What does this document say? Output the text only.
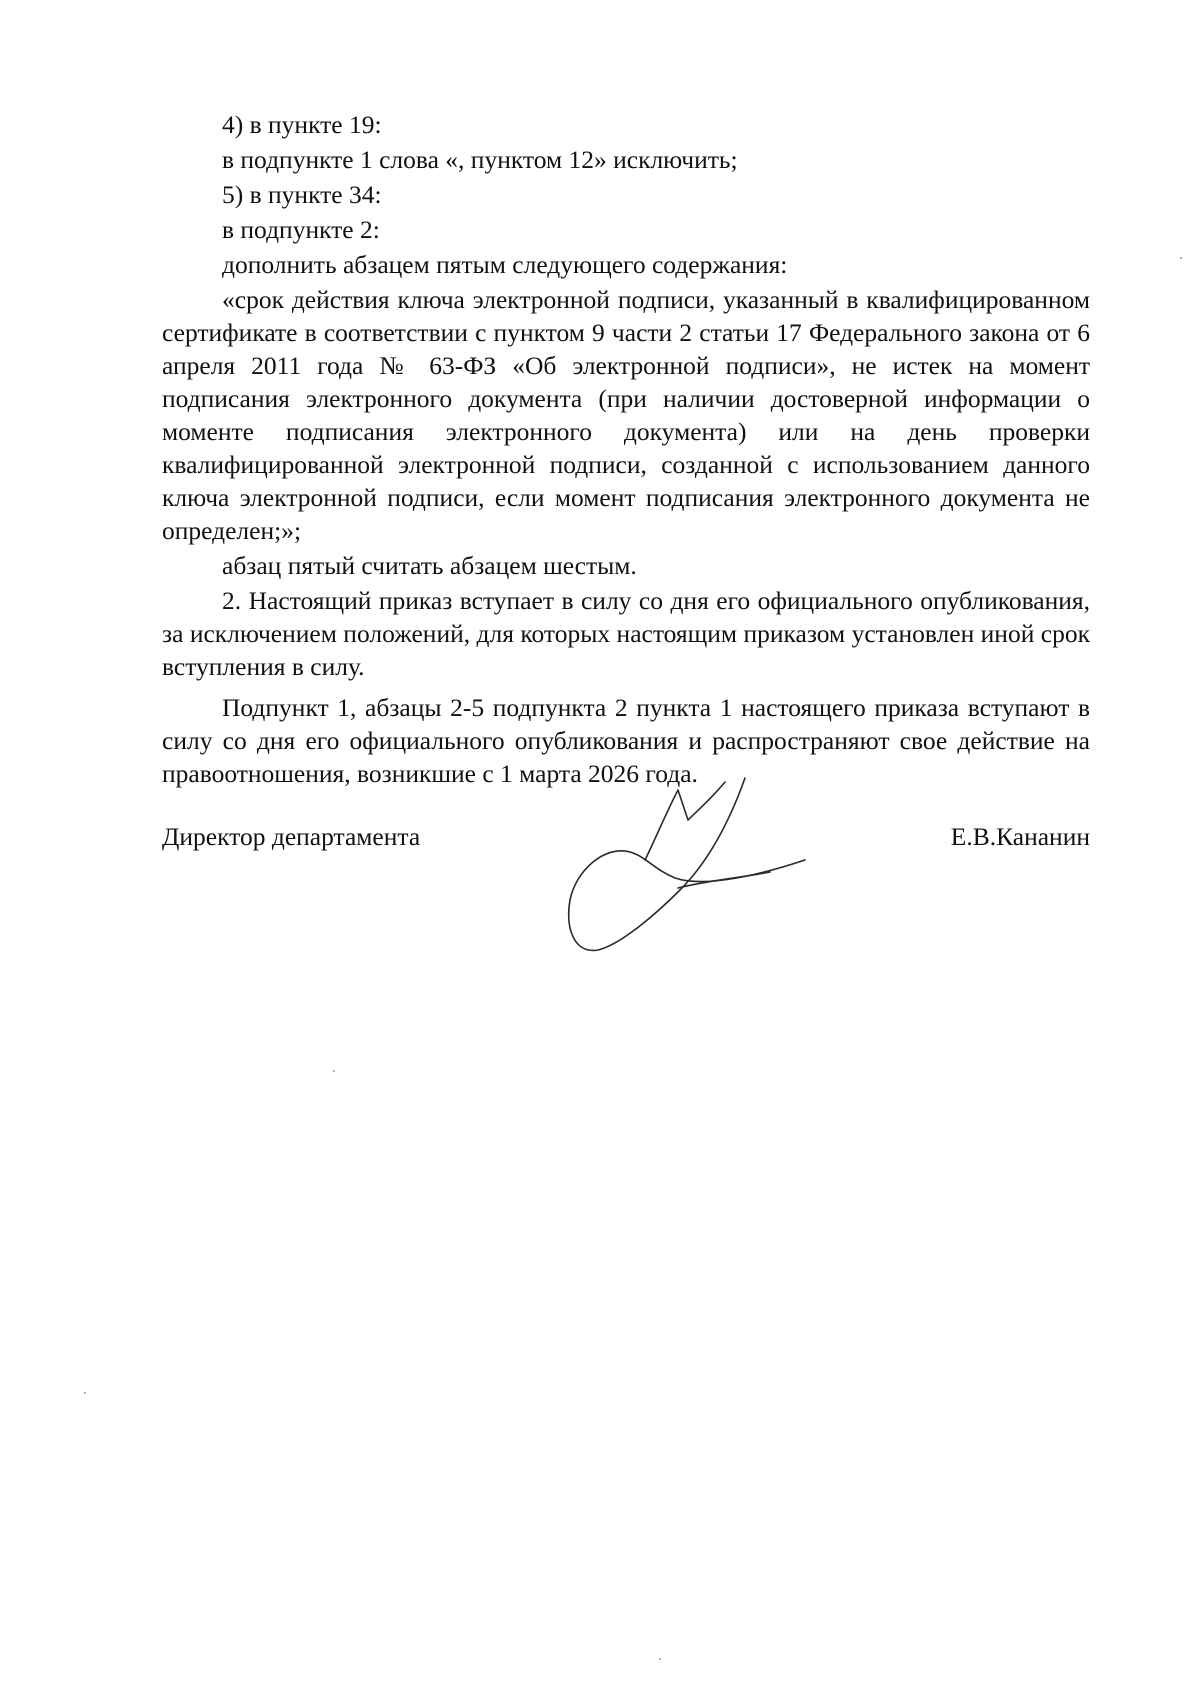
4) в пункте 19:

в подпункте 1 слова «, пунктом 12» исключить;

5) в пункте 34:

в подпункте 2:

дополнить абзацем пятым следующего содержания:

«срок действия ключа электронной подписи, указанный в квалифицированном сертификате в соответствии с пунктом 9 части 2 статьи 17 Федерального закона от 6 апреля 2011 года № 63-ФЗ «Об электронной подписи», не истек на момент подписания электронного документа (при наличии достоверной информации о моменте подписания электронного документа) или на день проверки квалифицированной электронной подписи, созданной с использованием данного ключа электронной подписи, если момент подписания электронного документа не определен;»;

абзац пятый считать абзацем шестым.

2. Настоящий приказ вступает в силу со дня его официального опубликования, за исключением положений, для которых настоящим приказом установлен иной срок вступления в силу.

Подпункт 1, абзацы 2-5 подпункта 2 пункта 1 настоящего приказа вступают в силу со дня его официального опубликования и распространяют свое действие на правоотношения, возникшие с 1 марта 2026 года.

Директор департамента	Е.В.Кананин
